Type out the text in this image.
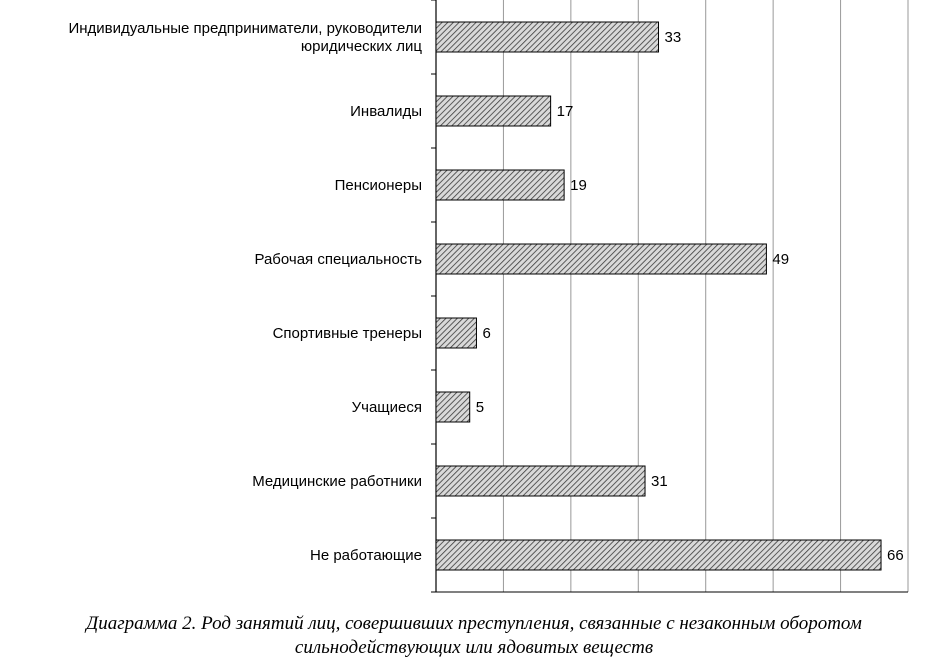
Индивидуальные предприниматели, руководители
юридических лиц
Инвалиды
Пенсионеры
Рабочая специальность
Спортивные тренеры
Учащиеся
Медицинские работники
Не работающие
33
17
19
49
6
5
31
66
Диаграмма 2. Род занятий лиц, совершивших преступления, связанные с незаконным оборотом
сильнодействующих или ядовитых веществ
